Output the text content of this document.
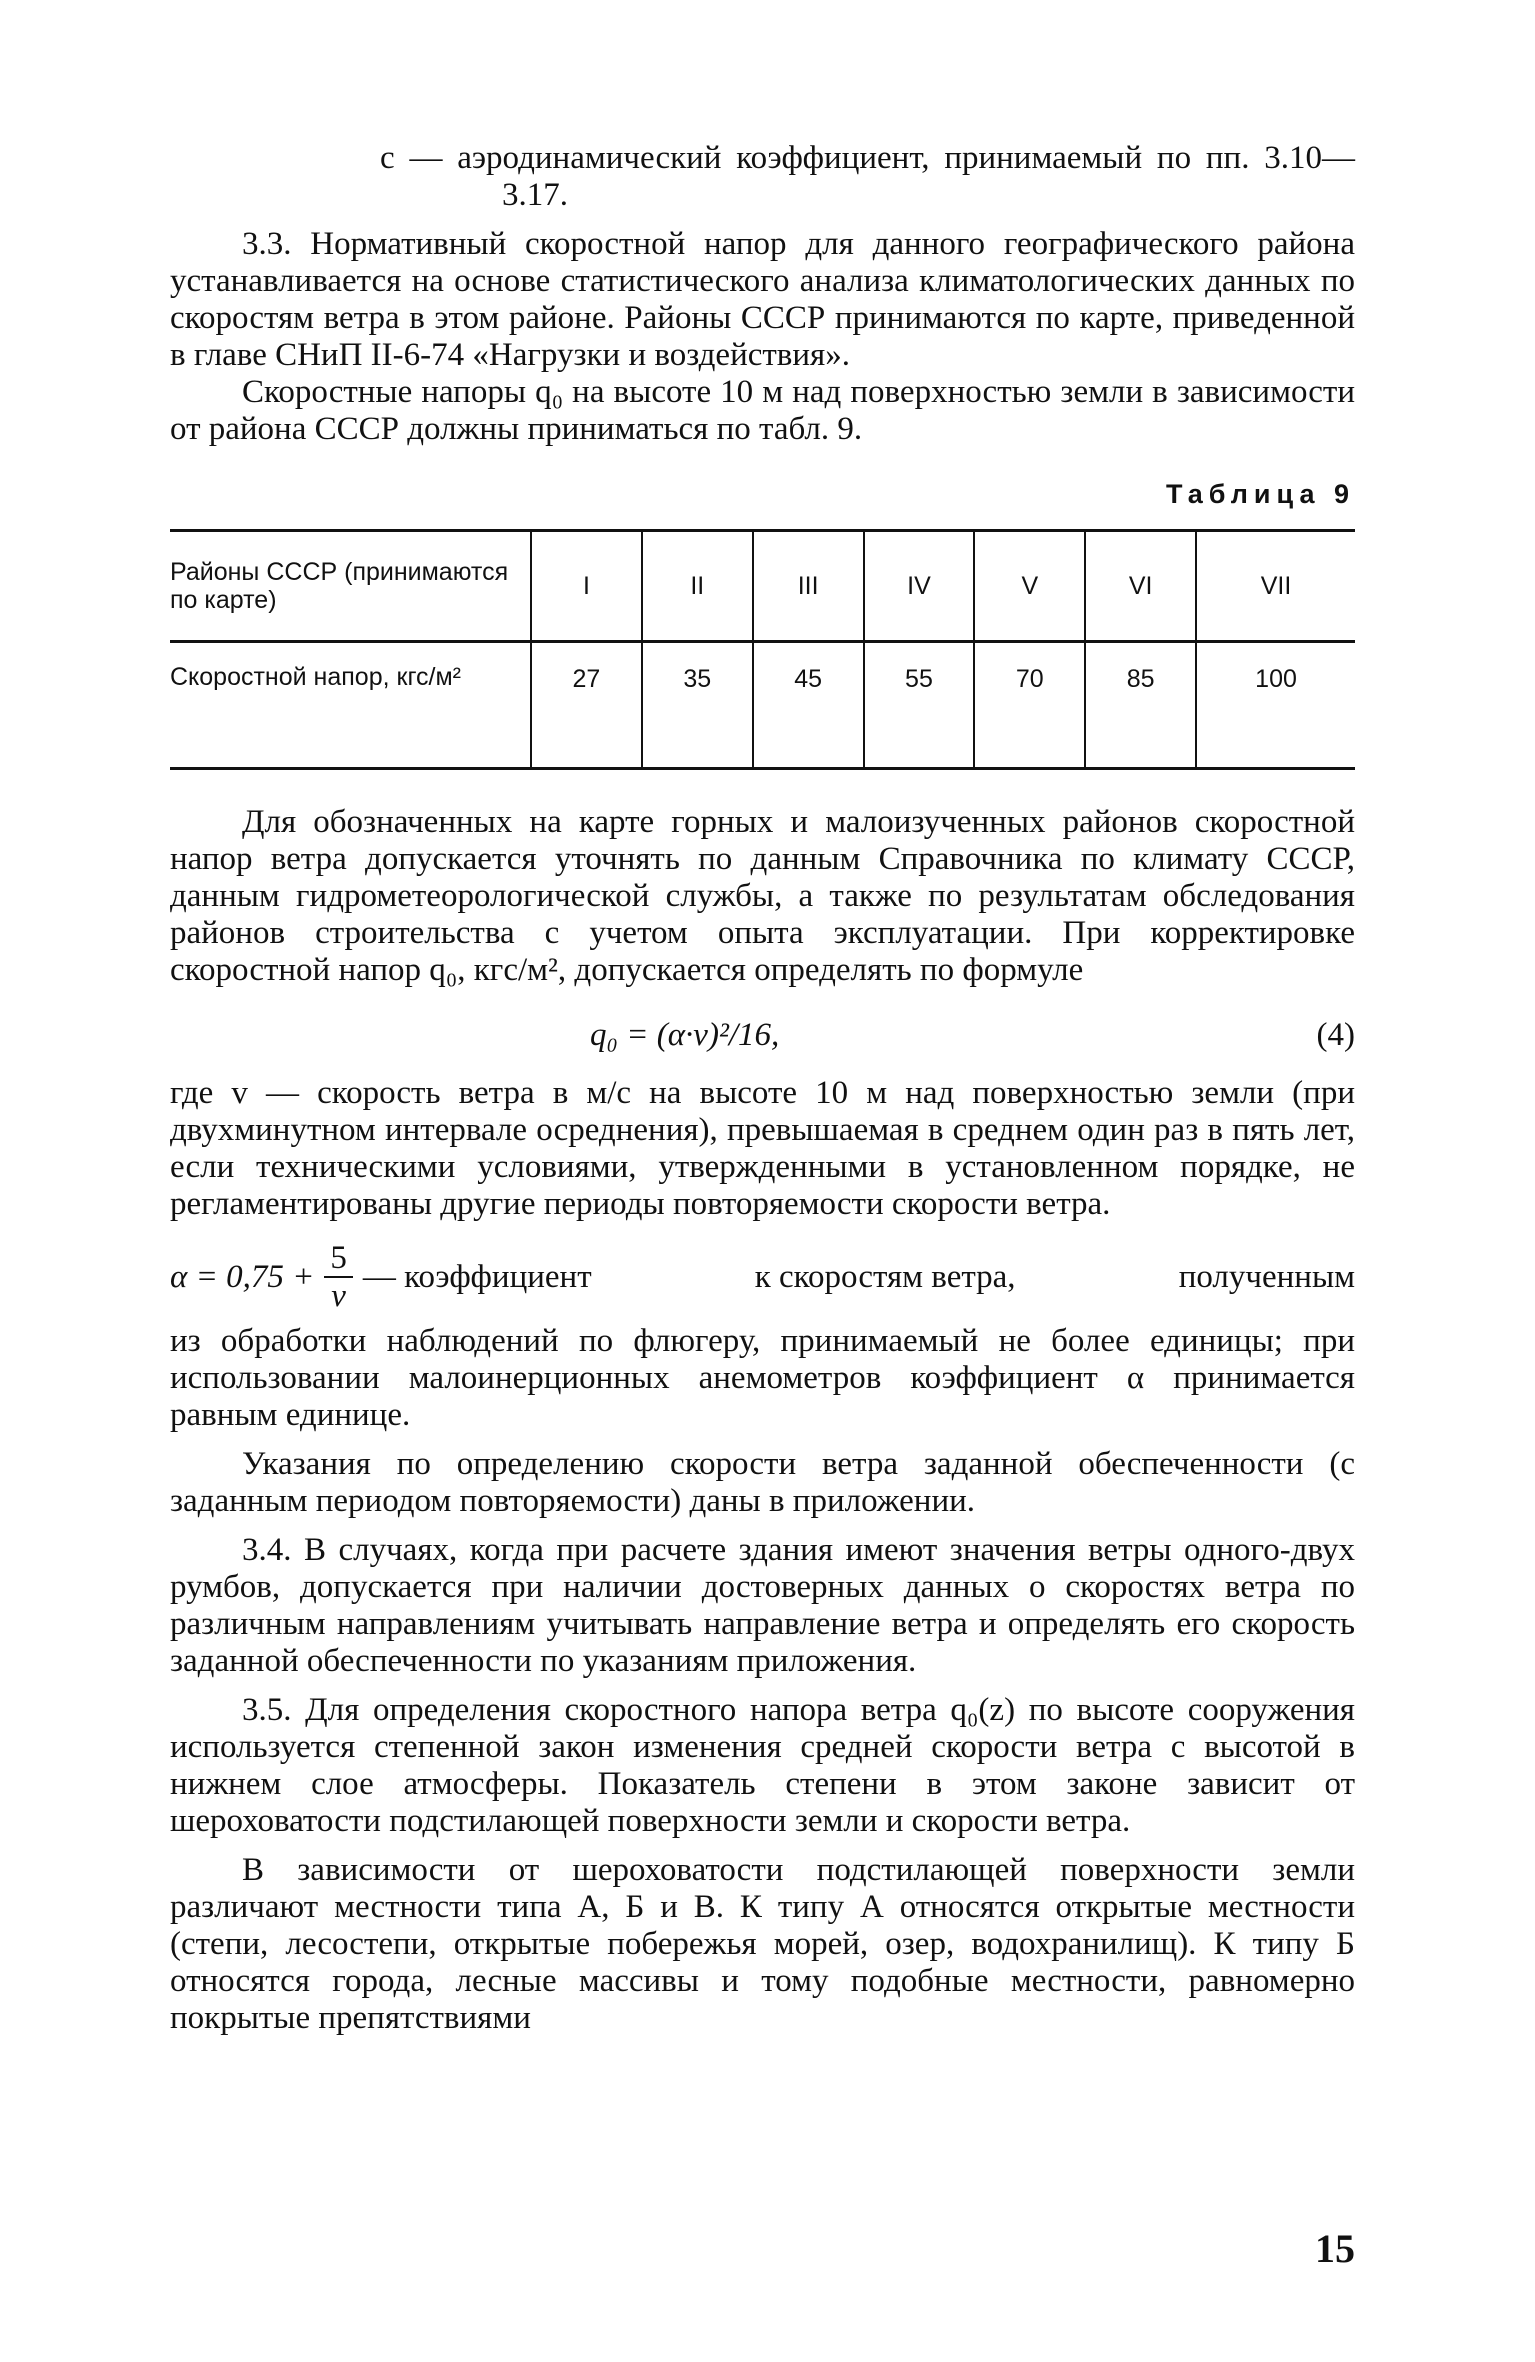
с — аэродинамический коэффициент, принимаемый по пп. 3.10—3.17.

3.3. Нормативный скоростной напор для данного географического района устанавливается на основе статистического анализа климатологических данных по скоростям ветра в этом районе. Районы СССР принимаются по карте, приведенной в главе СНиП II-6-74 «Нагрузки и воздействия».

Скоростные напоры q₀ на высоте 10 м над поверхностью земли в зависимости от района СССР должны приниматься по табл. 9.

Таблица 9
Районы СССР (принимаются по карте)	I	II	III	IV	V	VI	VII
Скоростной напор, кгс/м²	27	35	45	55	70	85	100

Для обозначенных на карте горных и малоизученных районов скоростной напор ветра допускается уточнять по данным Справочника по климату СССР, данным гидрометеорологической службы, а также по результатам обследования районов строительства с учетом опыта эксплуатации. При корректировке скоростной напор q₀, кгс/м², допускается определять по формуле

q₀ = (α·v)²/16,	(4)

где v — скорость ветра в м/с на высоте 10 м над поверхностью земли (при двухминутном интервале осреднения), превышаемая в среднем один раз в пять лет, если техническими условиями, утвержденными в установленном порядке, не регламентированы другие периоды повторяемости скорости ветра.

$\alpha = 0,75 + \frac{5}{v}$ — коэффициент	к скоростям ветра,	полученным

из обработки наблюдений по флюгеру, принимаемый не более единицы; при использовании малоинерционных анемометров коэффициент α принимается равным единице.

Указания по определению скорости ветра заданной обеспеченности (с заданным периодом повторяемости) даны в приложении.

3.4. В случаях, когда при расчете здания имеют значения ветры одного-двух румбов, допускается при наличии достоверных данных о скоростях ветра по различным направлениям учитывать направление ветра и определять его скорость заданной обеспеченности по указаниям приложения.

3.5. Для определения скоростного напора ветра q₀(z) по высоте сооружения используется степенной закон изменения средней скорости ветра с высотой в нижнем слое атмосферы. Показатель степени в этом законе зависит от шероховатости подстилающей поверхности земли и скорости ветра.

В зависимости от шероховатости подстилающей поверхности земли различают местности типа А, Б и В. К типу А относятся открытые местности (степи, лесостепи, открытые побережья морей, озер, водохранилищ). К типу Б относятся города, лесные массивы и тому подобные местности, равномерно покрытые препятствиями

15
